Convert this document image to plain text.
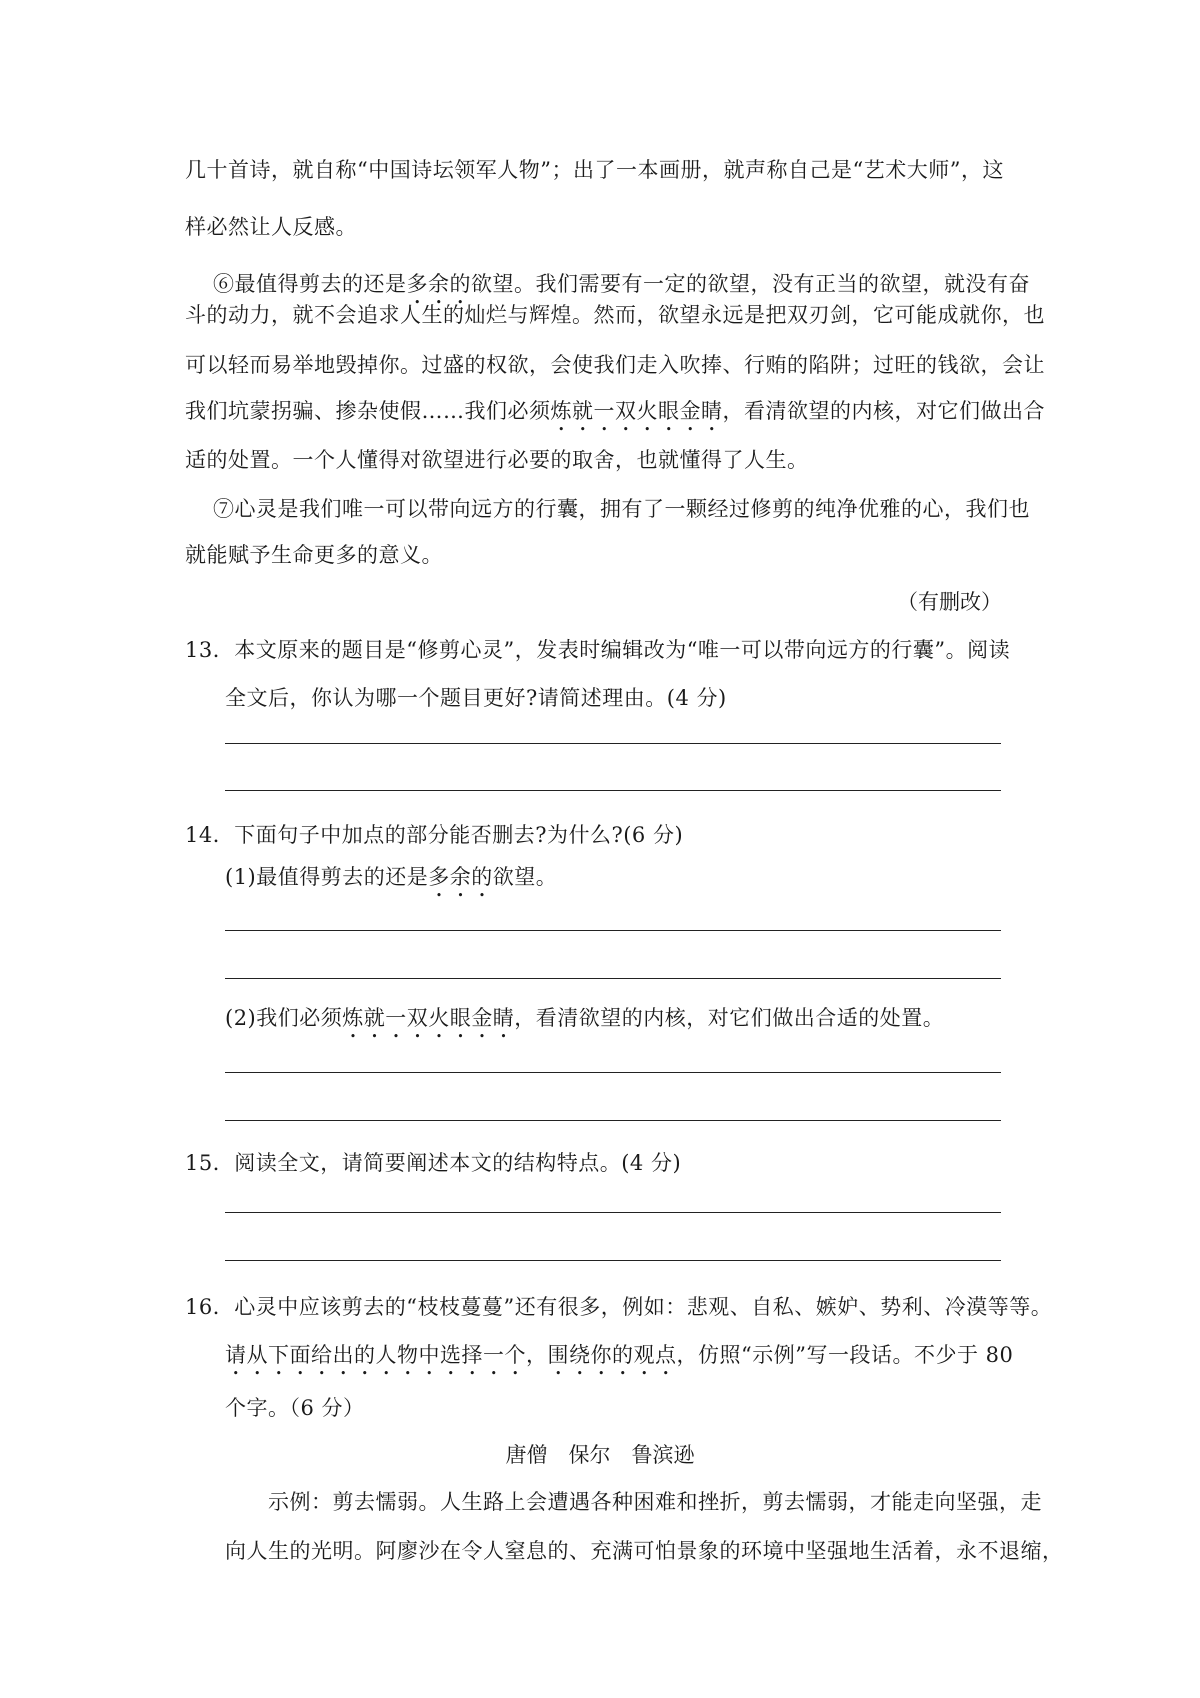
几十首诗，就自称“中国诗坛领军人物”；出了一本画册，就声称自己是“艺术大师”，这
样必然让人反感。
⑥最值得剪去的还是多余的欲望。我们需要有一定的欲望，没有正当的欲望，就没有奋
斗的动力，就不会追求人生的灿烂与辉煌。然而，欲望永远是把双刃剑，它可能成就你，也
可以轻而易举地毁掉你。过盛的权欲，会使我们走入吹捧、行贿的陷阱；过旺的钱欲，会让
我们坑蒙拐骗、掺杂使假……我们必须炼就一双火眼金睛，看清欲望的内核，对它们做出合
适的处置。一个人懂得对欲望进行必要的取舍，也就懂得了人生。
⑦心灵是我们唯一可以带向远方的行囊，拥有了一颗经过修剪的纯净优雅的心，我们也
就能赋予生命更多的意义。
（有删改）
13．本文原来的题目是“修剪心灵”，发表时编辑改为“唯一可以带向远方的行囊”。阅读
全文后，你认为哪一个题目更好?请简述理由。(4 分)
14．下面句子中加点的部分能否删去?为什么?(6 分)
(1)最值得剪去的还是多余的欲望。
(2)我们必须炼就一双火眼金睛，看清欲望的内核，对它们做出合适的处置。
15．阅读全文，请简要阐述本文的结构特点。(4 分)
16．心灵中应该剪去的“枝枝蔓蔓”还有很多，例如：悲观、自私、嫉妒、势利、冷漠等等。
请从下面给出的人物中选择一个，围绕你的观点，仿照“示例”写一段话。不少于 80
个字。（6 分）
唐僧　保尔　鲁滨逊
示例：剪去懦弱。人生路上会遭遇各种困难和挫折，剪去懦弱，才能走向坚强，走
向人生的光明。阿廖沙在令人窒息的、充满可怕景象的环境中坚强地生活着，永不退缩，
